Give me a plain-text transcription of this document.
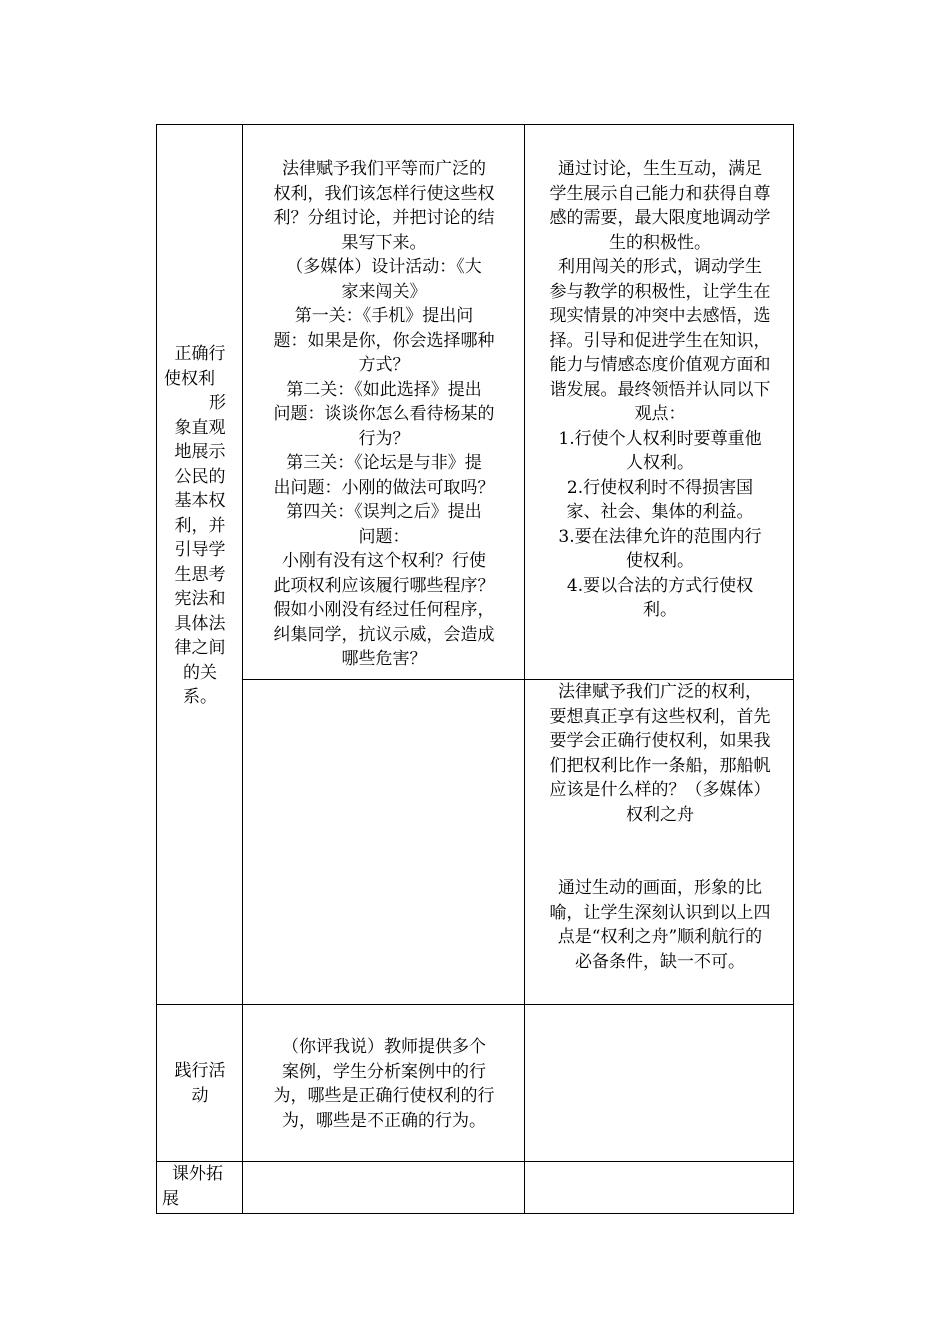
正确行

使权利

形

象直观

地展示

公民的

基本权

利，并

引导学

生思考

宪法和

具体法

律之间

的关

系。

法律赋予我们平等而广泛的

权利，我们该怎样行使这些权

利？分组讨论，并把讨论的结

果写下来。

（多媒体）设计活动：《大

家来闯关》

第一关：《手机》提出问

题：如果是你，你会选择哪种

方式？

第二关：《如此选择》提出

问题：谈谈你怎么看待杨某的

行为？

第三关：《论坛是与非》提

出问题：小刚的做法可取吗？

第四关：《误判之后》提出

问题：

小刚有没有这个权利？行使

此项权利应该履行哪些程序？

假如小刚没有经过任何程序，

纠集同学，抗议示威，会造成

哪些危害？

通过讨论，生生互动，满足

学生展示自己能力和获得自尊

感的需要，最大限度地调动学

生的积极性。

利用闯关的形式，调动学生

参与教学的积极性，让学生在

现实情景的冲突中去感悟，选

择。引导和促进学生在知识，

能力与情感态度价值观方面和

谐发展。最终领悟并认同以下

观点：

1.行使个人权利时要尊重他

人权利。

2.行使权利时不得损害国

家、社会、集体的利益。

3.要在法律允许的范围内行

使权利。

4.要以合法的方式行使权

利。

法律赋予我们广泛的权利，

要想真正享有这些权利，首先

要学会正确行使权利，如果我

们把权利比作一条船，那船帆

应该是什么样的？（多媒体）

权利之舟

通过生动的画面，形象的比

喻，让学生深刻认识到以上四

点是“权利之舟”顺利航行的

必备条件，缺一不可。

践行活

动

（你评我说）教师提供多个

案例，学生分析案例中的行

为，哪些是正确行使权利的行

为，哪些是不正确的行为。

课外拓

展
